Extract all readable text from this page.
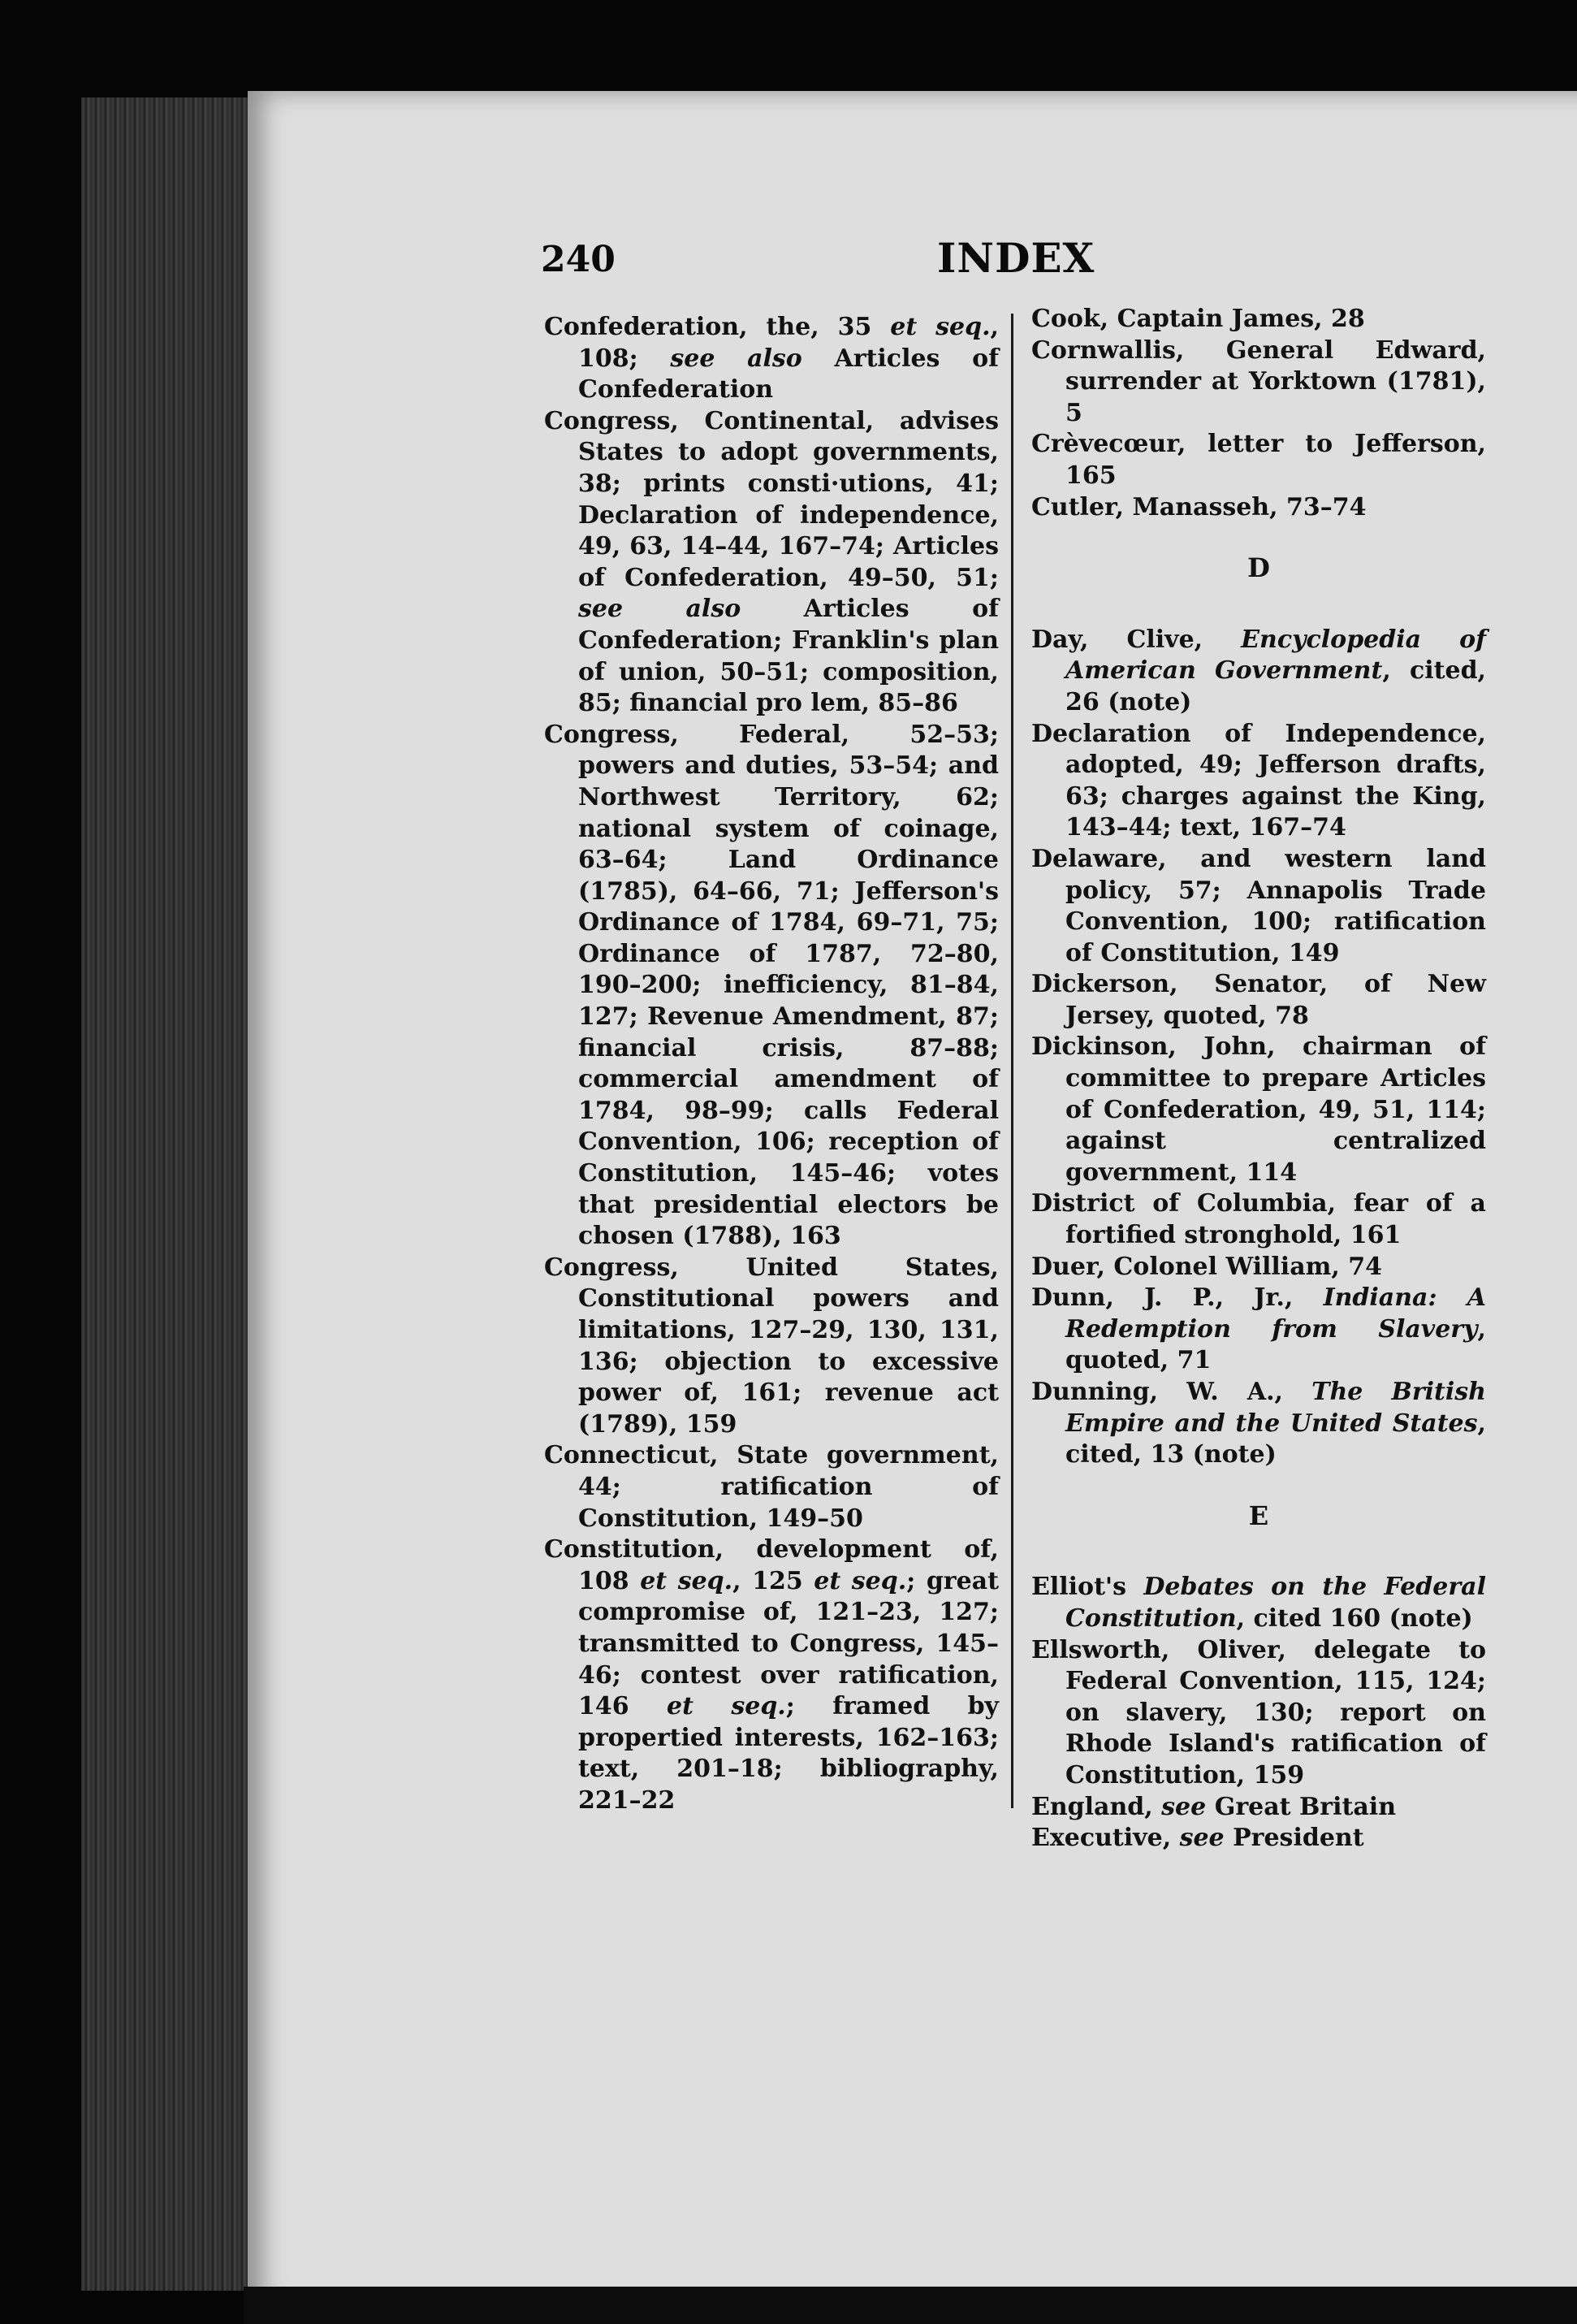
240	INDEX

Confederation, the, 35 et seq., 108; see also Articles of Confederation

Congress, Continental, advises States to adopt governments, 38; prints consti·utions, 41; Declaration of independence, 49, 63, 14–44, 167–74; Articles of Confederation, 49–50, 51; see also Articles of Confederation; Franklin's plan of union, 50–51; composition, 85; financial pro lem, 85–86

Congress, Federal, 52–53; powers and duties, 53–54; and Northwest Territory, 62; national system of coinage, 63–64; Land Ordinance (1785), 64–66, 71; Jefferson's Ordinance of 1784, 69–71, 75; Ordinance of 1787, 72–80, 190–200; inefficiency, 81–84, 127; Revenue Amendment, 87; financial crisis, 87–88; commercial amendment of 1784, 98–99; calls Federal Convention, 106; reception of Constitution, 145–46; votes that presidential electors be chosen (1788), 163

Congress, United States, Constitutional powers and limitations, 127–29, 130, 131, 136; objection to excessive power of, 161; revenue act (1789), 159

Connecticut, State government, 44; ratification of Constitution, 149–50

Constitution, development of, 108 et seq., 125 et seq.; great compromise of, 121–23, 127; transmitted to Congress, 145–46; contest over ratification, 146 et seq.; framed by propertied interests, 162–163; text, 201–18; bibliography, 221–22

Cook, Captain James, 28

Cornwallis, General Edward, surrender at Yorktown (1781), 5

Crèvecœur, letter to Jefferson, 165

Cutler, Manasseh, 73–74

D

Day, Clive, Encyclopedia of American Government, cited, 26 (note)

Declaration of Independence, adopted, 49; Jefferson drafts, 63; charges against the King, 143–44; text, 167–74

Delaware, and western land policy, 57; Annapolis Trade Convention, 100; ratification of Constitution, 149

Dickerson, Senator, of New Jersey, quoted, 78

Dickinson, John, chairman of committee to prepare Articles of Confederation, 49, 51, 114; against centralized government, 114

District of Columbia, fear of a fortified stronghold, 161

Duer, Colonel William, 74

Dunn, J. P., Jr., Indiana: A Redemption from Slavery, quoted, 71

Dunning, W. A., The British Empire and the United States, cited, 13 (note)

E

Elliot's Debates on the Federal Constitution, cited 160 (note)

Ellsworth, Oliver, delegate to Federal Convention, 115, 124; on slavery, 130; report on Rhode Island's ratification of Constitution, 159

England, see Great Britain

Executive, see President
